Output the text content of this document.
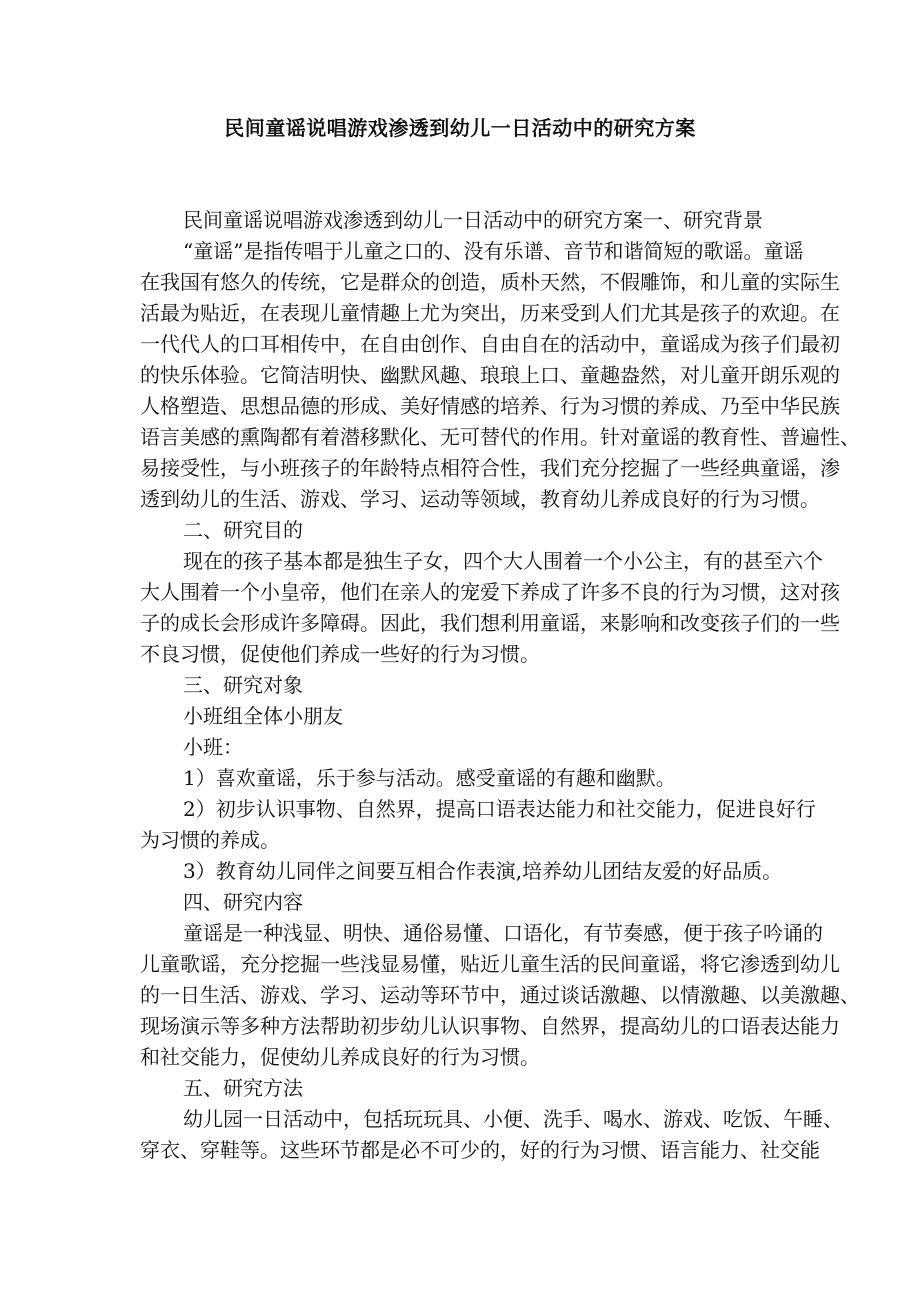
民间童谣说唱游戏渗透到幼儿一日活动中的研究方案
民间童谣说唱游戏渗透到幼儿一日活动中的研究方案一、研究背景
“童谣”是指传唱于儿童之口的、没有乐谱、音节和谐简短的歌谣。童谣
在我国有悠久的传统，它是群众的创造，质朴天然，不假雕饰，和儿童的实际生
活最为贴近，在表现儿童情趣上尤为突出，历来受到人们尤其是孩子的欢迎。在
一代代人的口耳相传中，在自由创作、自由自在的活动中，童谣成为孩子们最初
的快乐体验。它简洁明快、幽默风趣、琅琅上口、童趣盎然，对儿童开朗乐观的
人格塑造、思想品德的形成、美好情感的培养、行为习惯的养成、乃至中华民族
语言美感的熏陶都有着潜移默化、无可替代的作用。针对童谣的教育性、普遍性、
易接受性，与小班孩子的年龄特点相符合性，我们充分挖掘了一些经典童谣，渗
透到幼儿的生活、游戏、学习、运动等领域，教育幼儿养成良好的行为习惯。
二、研究目的
现在的孩子基本都是独生子女，四个大人围着一个小公主，有的甚至六个
大人围着一个小皇帝，他们在亲人的宠爱下养成了许多不良的行为习惯，这对孩
子的成长会形成许多障碍。因此，我们想利用童谣，来影响和改变孩子们的一些
不良习惯，促使他们养成一些好的行为习惯。
三、研究对象
小班组全体小朋友
小班：
1）喜欢童谣，乐于参与活动。感受童谣的有趣和幽默。
2）初步认识事物、自然界，提高口语表达能力和社交能力，促进良好行
为习惯的养成。
3）教育幼儿同伴之间要互相合作表演,培养幼儿团结友爱的好品质。
四、研究内容
童谣是一种浅显、明快、通俗易懂、口语化，有节奏感，便于孩子吟诵的
儿童歌谣，充分挖掘一些浅显易懂，贴近儿童生活的民间童谣，将它渗透到幼儿
的一日生活、游戏、学习、运动等环节中，通过谈话激趣、以情激趣、以美激趣、
现场演示等多种方法帮助初步幼儿认识事物、自然界，提高幼儿的口语表达能力
和社交能力，促使幼儿养成良好的行为习惯。
五、研究方法
幼儿园一日活动中，包括玩玩具、小便、洗手、喝水、游戏、吃饭、午睡、
穿衣、穿鞋等。这些环节都是必不可少的，好的行为习惯、语言能力、社交能
